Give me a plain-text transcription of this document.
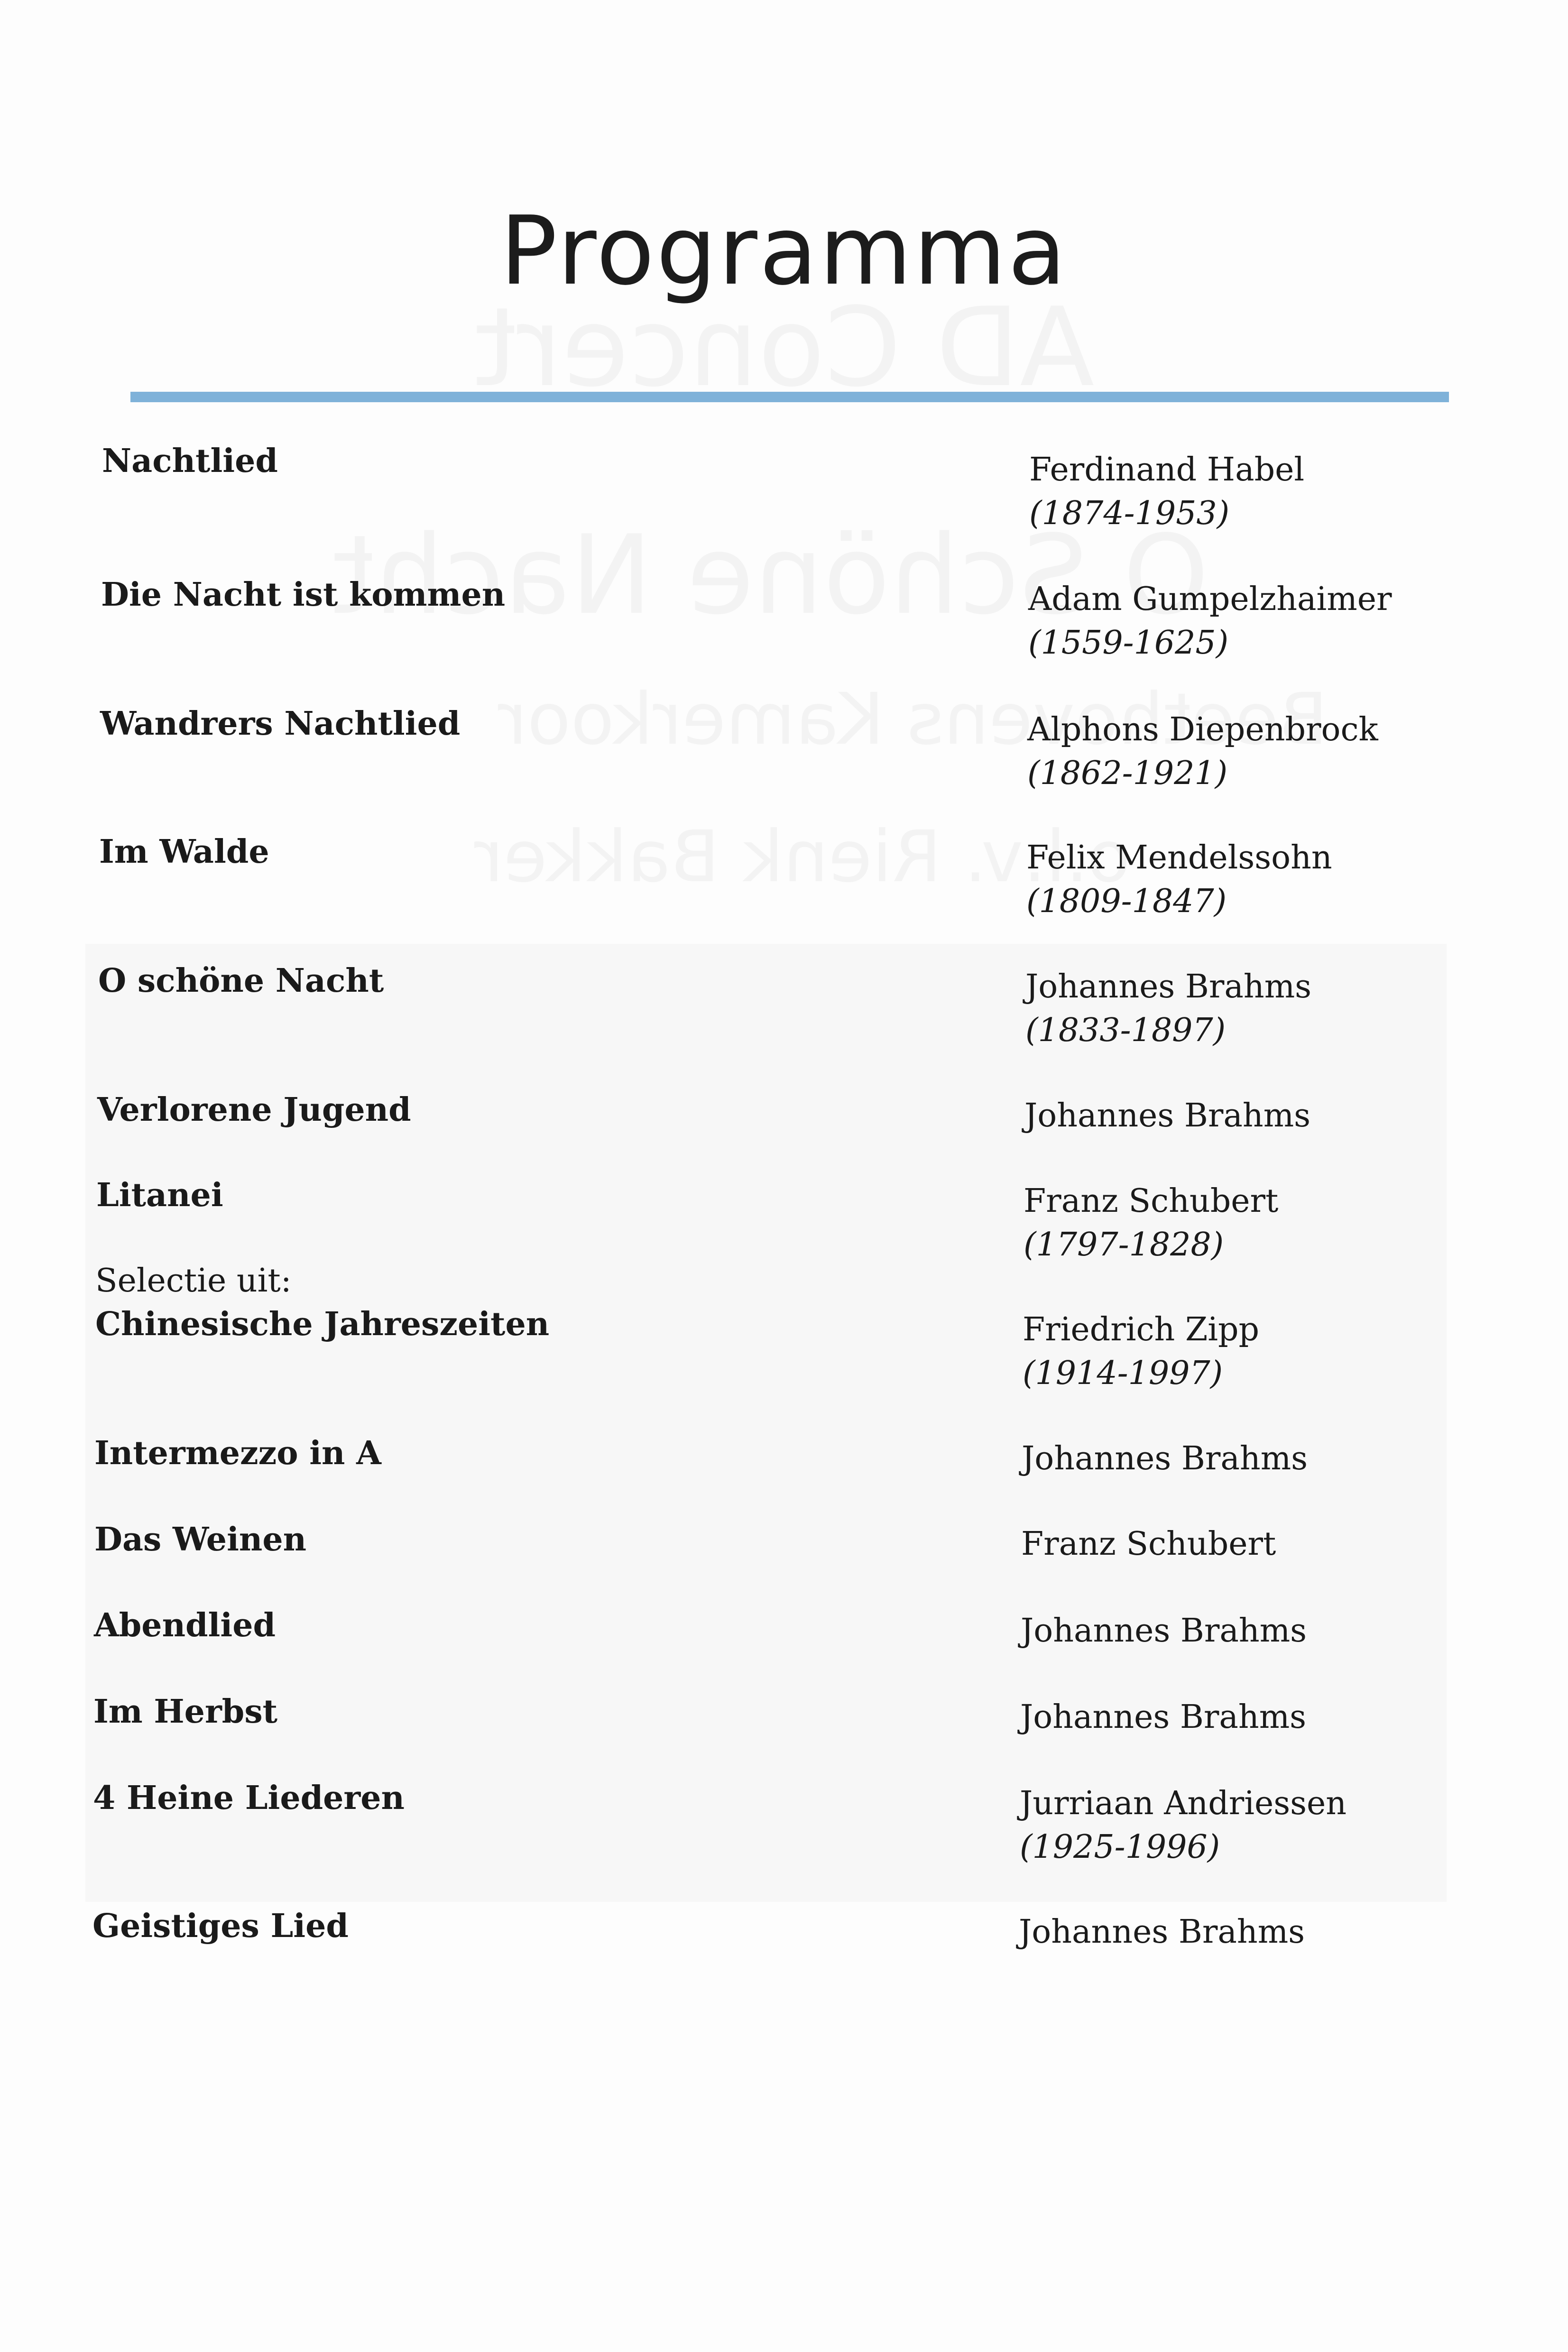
Programma
Nachtlied	Ferdinand Habel
(1874-1953)
Die Nacht ist kommen	Adam Gumpelzhaimer
(1559-1625)
Wandrers Nachtlied	Alphons Diepenbrock
(1862-1921)
Im Walde	Felix Mendelssohn
(1809-1847)
O schöne Nacht	Johannes Brahms
(1833-1897)
Verlorene Jugend	Johannes Brahms
Litanei	Franz Schubert
(1797-1828)
Selectie uit:
Chinesische Jahreszeiten	Friedrich Zipp
(1914-1997)
Intermezzo in A	Johannes Brahms
Das Weinen	Franz Schubert
Abendlied	Johannes Brahms
Im Herbst	Johannes Brahms
4 Heine Liederen	Jurriaan Andriessen
(1925-1996)
Geistiges Lied	Johannes Brahms
